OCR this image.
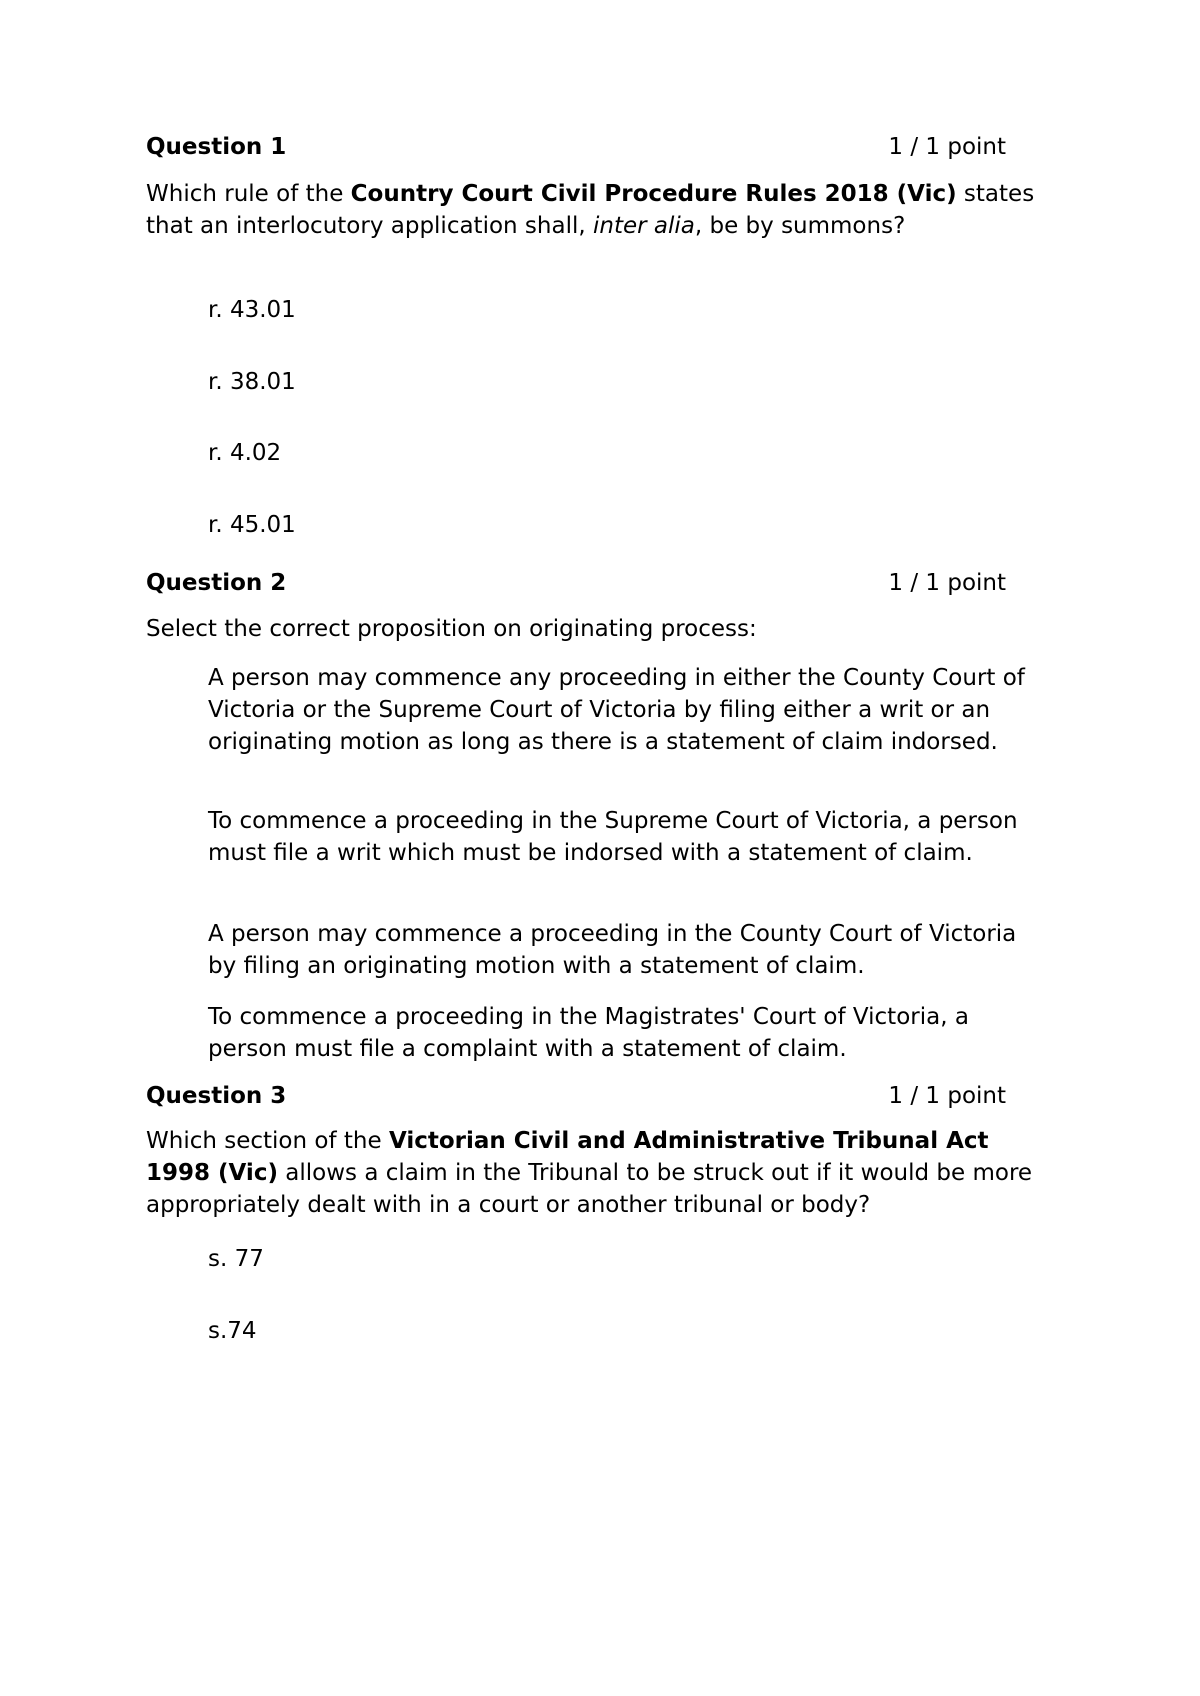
Question 1	1 / 1 point

Which rule of the Country Court Civil Procedure Rules 2018 (Vic) states that an interlocutory application shall, inter alia, be by summons?

r. 43.01

r. 38.01

r. 4.02

r. 45.01

Question 2	1 / 1 point

Select the correct proposition on originating process:

A person may commence any proceeding in either the County Court of Victoria or the Supreme Court of Victoria by filing either a writ or an originating motion as long as there is a statement of claim indorsed.

To commence a proceeding in the Supreme Court of Victoria, a person must file a writ which must be indorsed with a statement of claim.

A person may commence a proceeding in the County Court of Victoria by filing an originating motion with a statement of claim.

To commence a proceeding in the Magistrates' Court of Victoria, a person must file a complaint with a statement of claim.

Question 3	1 / 1 point

Which section of the Victorian Civil and Administrative Tribunal Act 1998 (Vic) allows a claim in the Tribunal to be struck out if it would be more appropriately dealt with in a court or another tribunal or body?

s. 77

s.74
